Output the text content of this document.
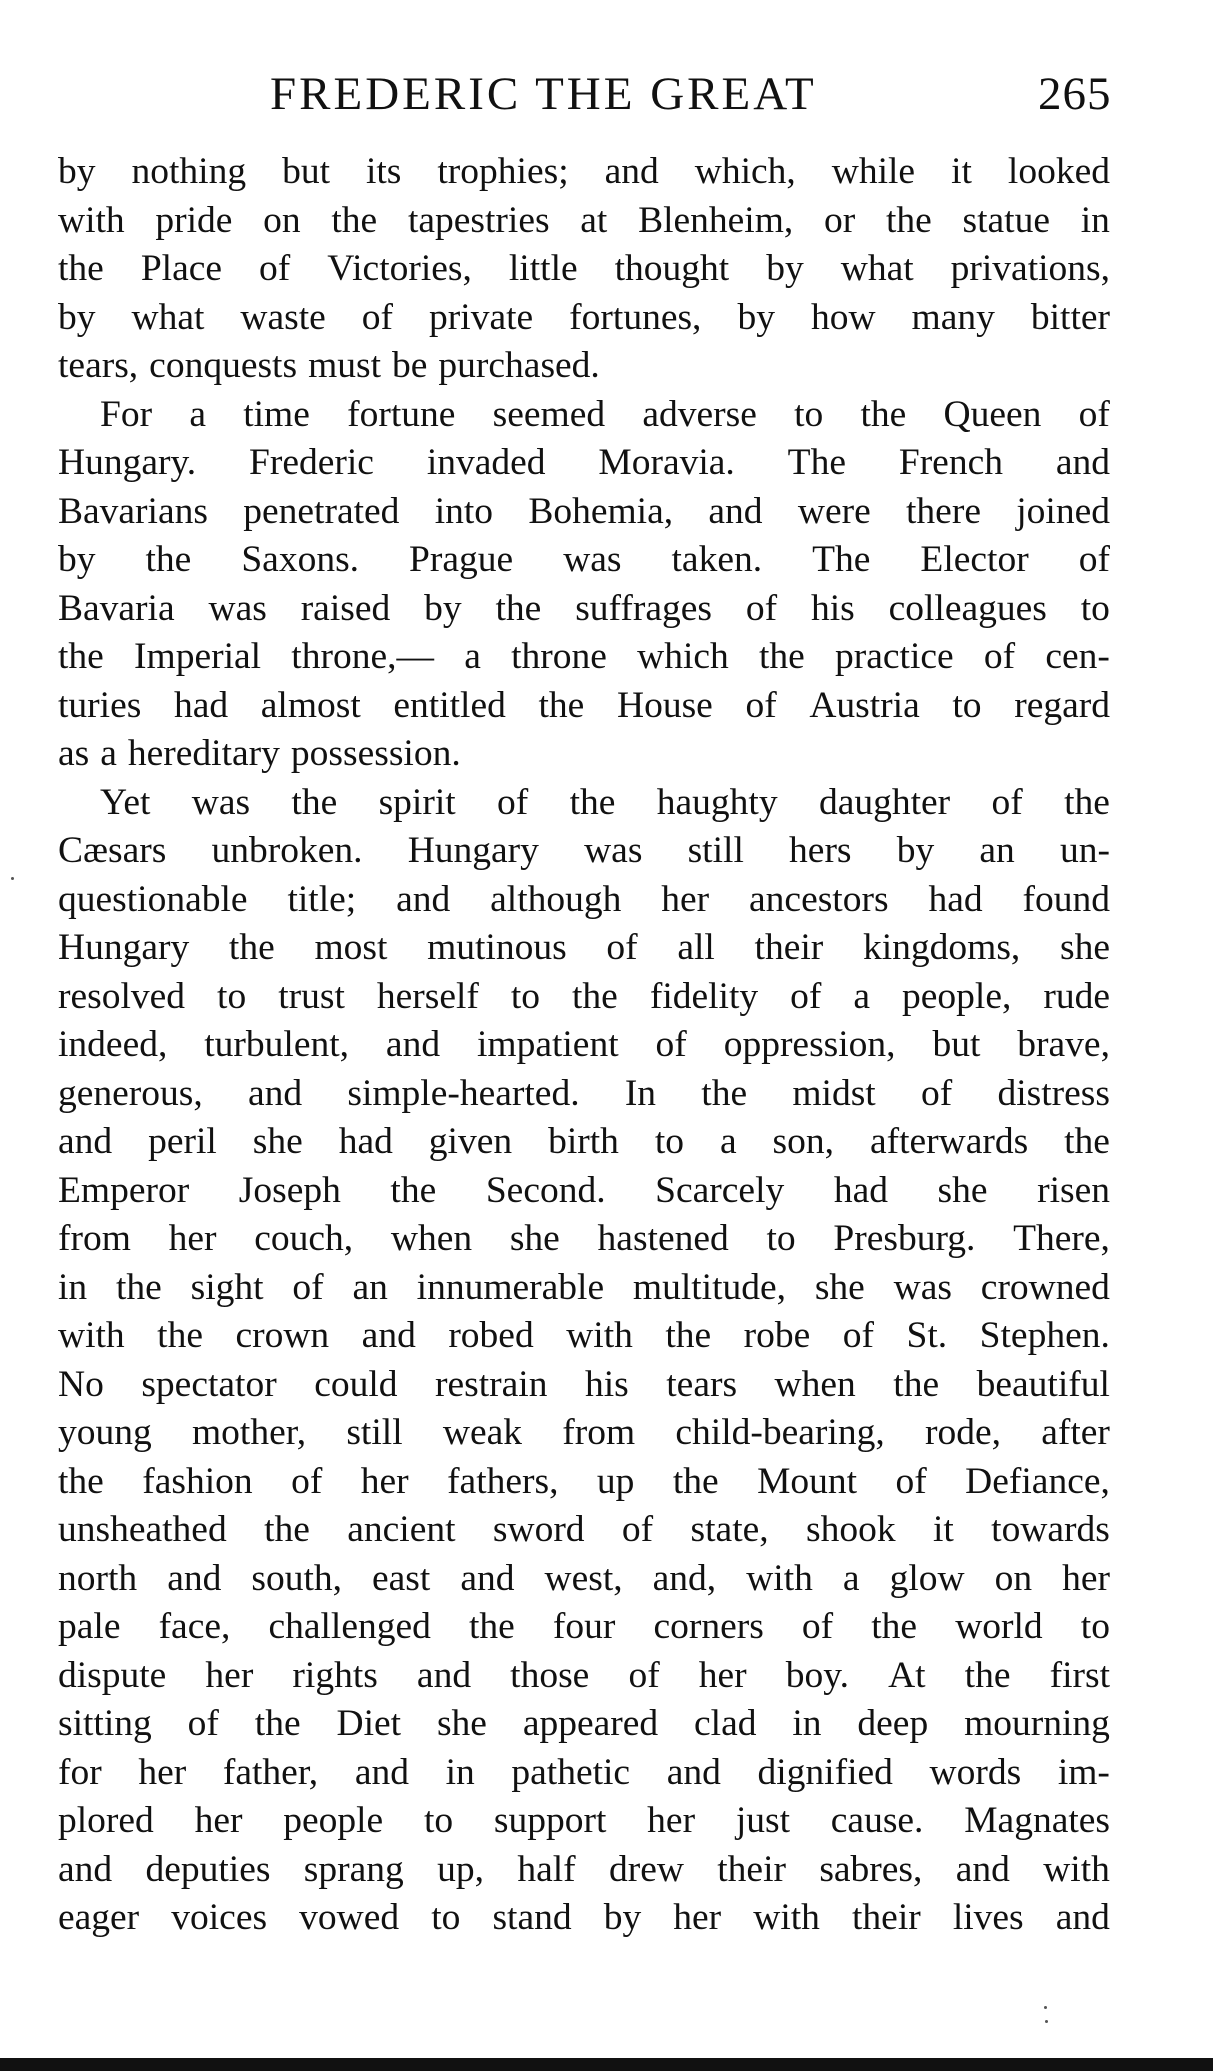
FREDERIC THE GREAT	265
by nothing but its trophies; and which, while it looked
with pride on the tapestries at Blenheim, or the statue in
the Place of Victories, little thought by what privations,
by what waste of private fortunes, by how many bitter
tears, conquests must be purchased.
For a time fortune seemed adverse to the Queen of
Hungary. Frederic invaded Moravia. The French and
Bavarians penetrated into Bohemia, and were there joined
by the Saxons. Prague was taken. The Elector of
Bavaria was raised by the suffrages of his colleagues to
the Imperial throne,— a throne which the practice of cen-
turies had almost entitled the House of Austria to regard
as a hereditary possession.
Yet was the spirit of the haughty daughter of the
Cæsars unbroken. Hungary was still hers by an un-
questionable title; and although her ancestors had found
Hungary the most mutinous of all their kingdoms, she
resolved to trust herself to the fidelity of a people, rude
indeed, turbulent, and impatient of oppression, but brave,
generous, and simple-hearted. In the midst of distress
and peril she had given birth to a son, afterwards the
Emperor Joseph the Second. Scarcely had she risen
from her couch, when she hastened to Presburg. There,
in the sight of an innumerable multitude, she was crowned
with the crown and robed with the robe of St. Stephen.
No spectator could restrain his tears when the beautiful
young mother, still weak from child-bearing, rode, after
the fashion of her fathers, up the Mount of Defiance,
unsheathed the ancient sword of state, shook it towards
north and south, east and west, and, with a glow on her
pale face, challenged the four corners of the world to
dispute her rights and those of her boy. At the first
sitting of the Diet she appeared clad in deep mourning
for her father, and in pathetic and dignified words im-
plored her people to support her just cause. Magnates
and deputies sprang up, half drew their sabres, and with
eager voices vowed to stand by her with their lives and
